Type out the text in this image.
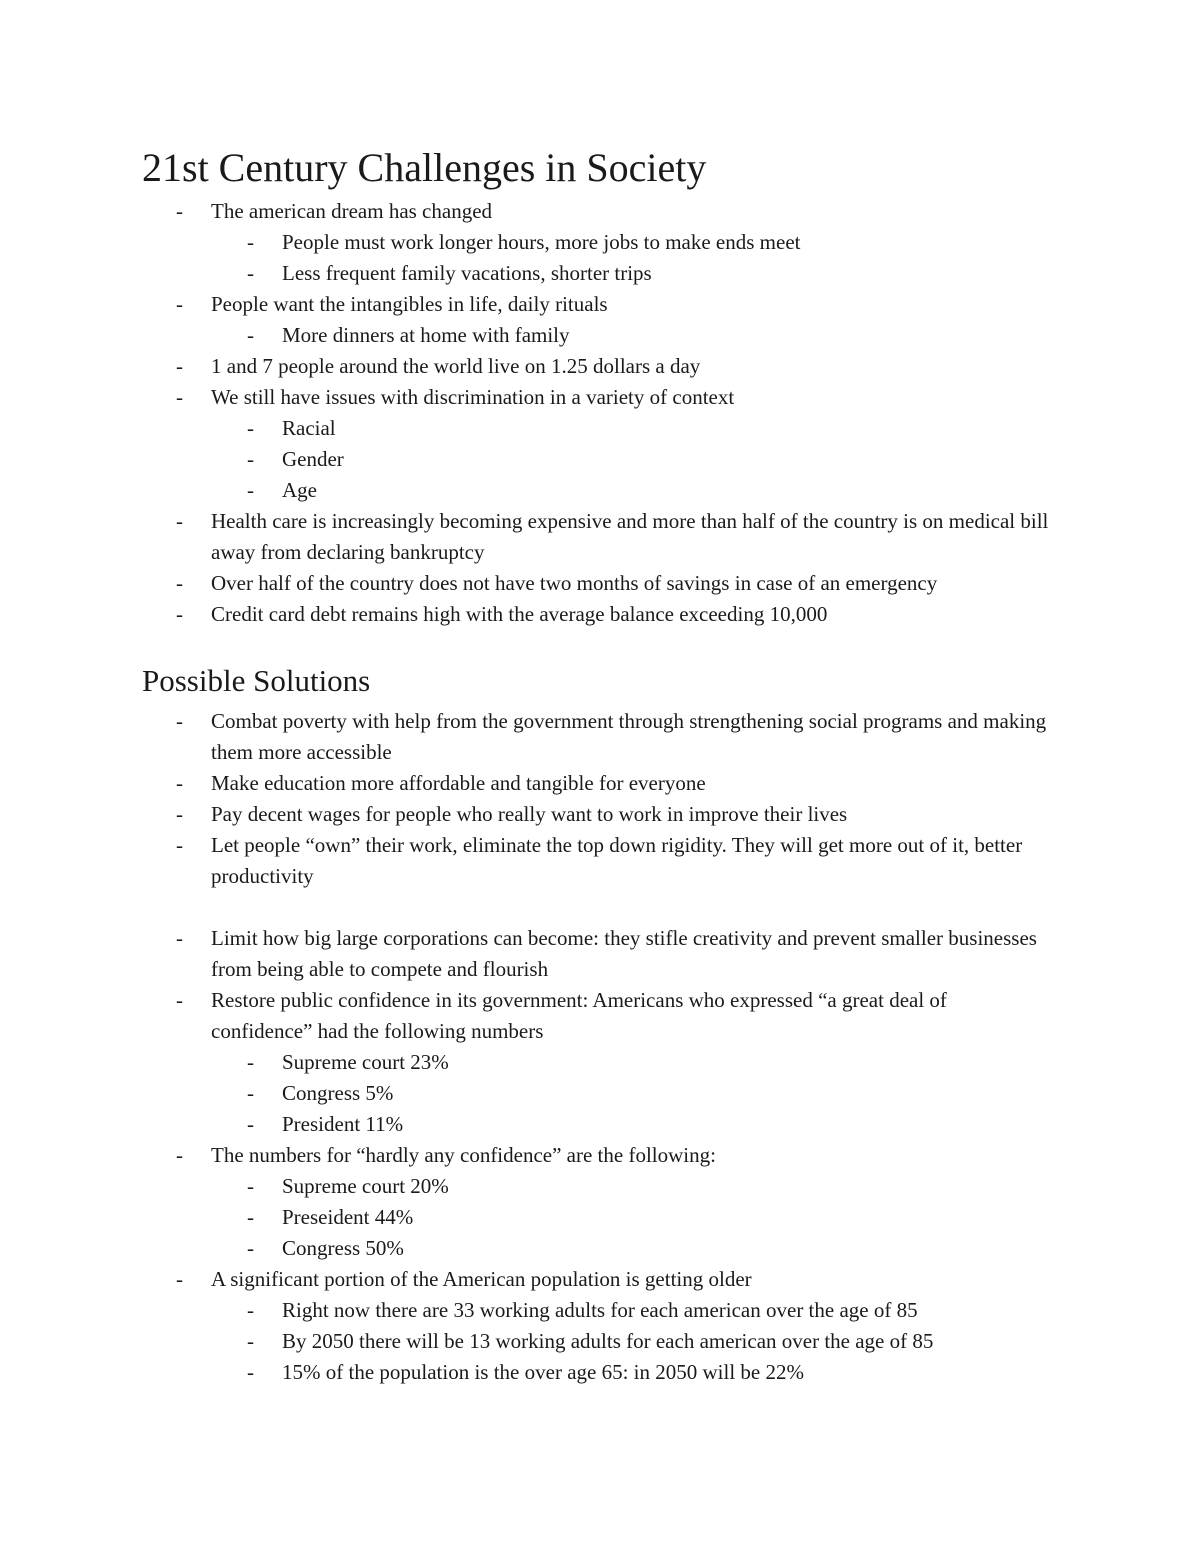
21st Century Challenges in Society
- The american dream has changed
- People must work longer hours, more jobs to make ends meet
- Less frequent family vacations, shorter trips
- People want the intangibles in life, daily rituals
- More dinners at home with family
- 1 and 7 people around the world live on 1.25 dollars a day
- We still have issues with discrimination in a variety of context
- Racial
- Gender
- Age
- Health care is increasingly becoming expensive and more than half of the country is on medical bill away from declaring bankruptcy
- Over half of the country does not have two months of savings in case of an emergency
- Credit card debt remains high with the average balance exceeding 10,000
Possible Solutions
- Combat poverty with help from the government through strengthening social programs and making them more accessible
- Make education more affordable and tangible for everyone
- Pay decent wages for people who really want to work in improve their lives
- Let people “own” their work, eliminate the top down rigidity. They will get more out of it, better productivity
- Limit how big large corporations can become: they stifle creativity and prevent smaller businesses from being able to compete and flourish
- Restore public confidence in its government: Americans who expressed “a great deal of confidence” had the following numbers
- Supreme court 23%
- Congress 5%
- President 11%
- The numbers for “hardly any confidence” are the following:
- Supreme court 20%
- Preseident 44%
- Congress 50%
- A significant portion of the American population is getting older
- Right now there are 33 working adults for each american over the age of 85
- By 2050 there will be 13 working adults for each american over the age of 85
- 15% of the population is the over age 65: in 2050 will be 22%
